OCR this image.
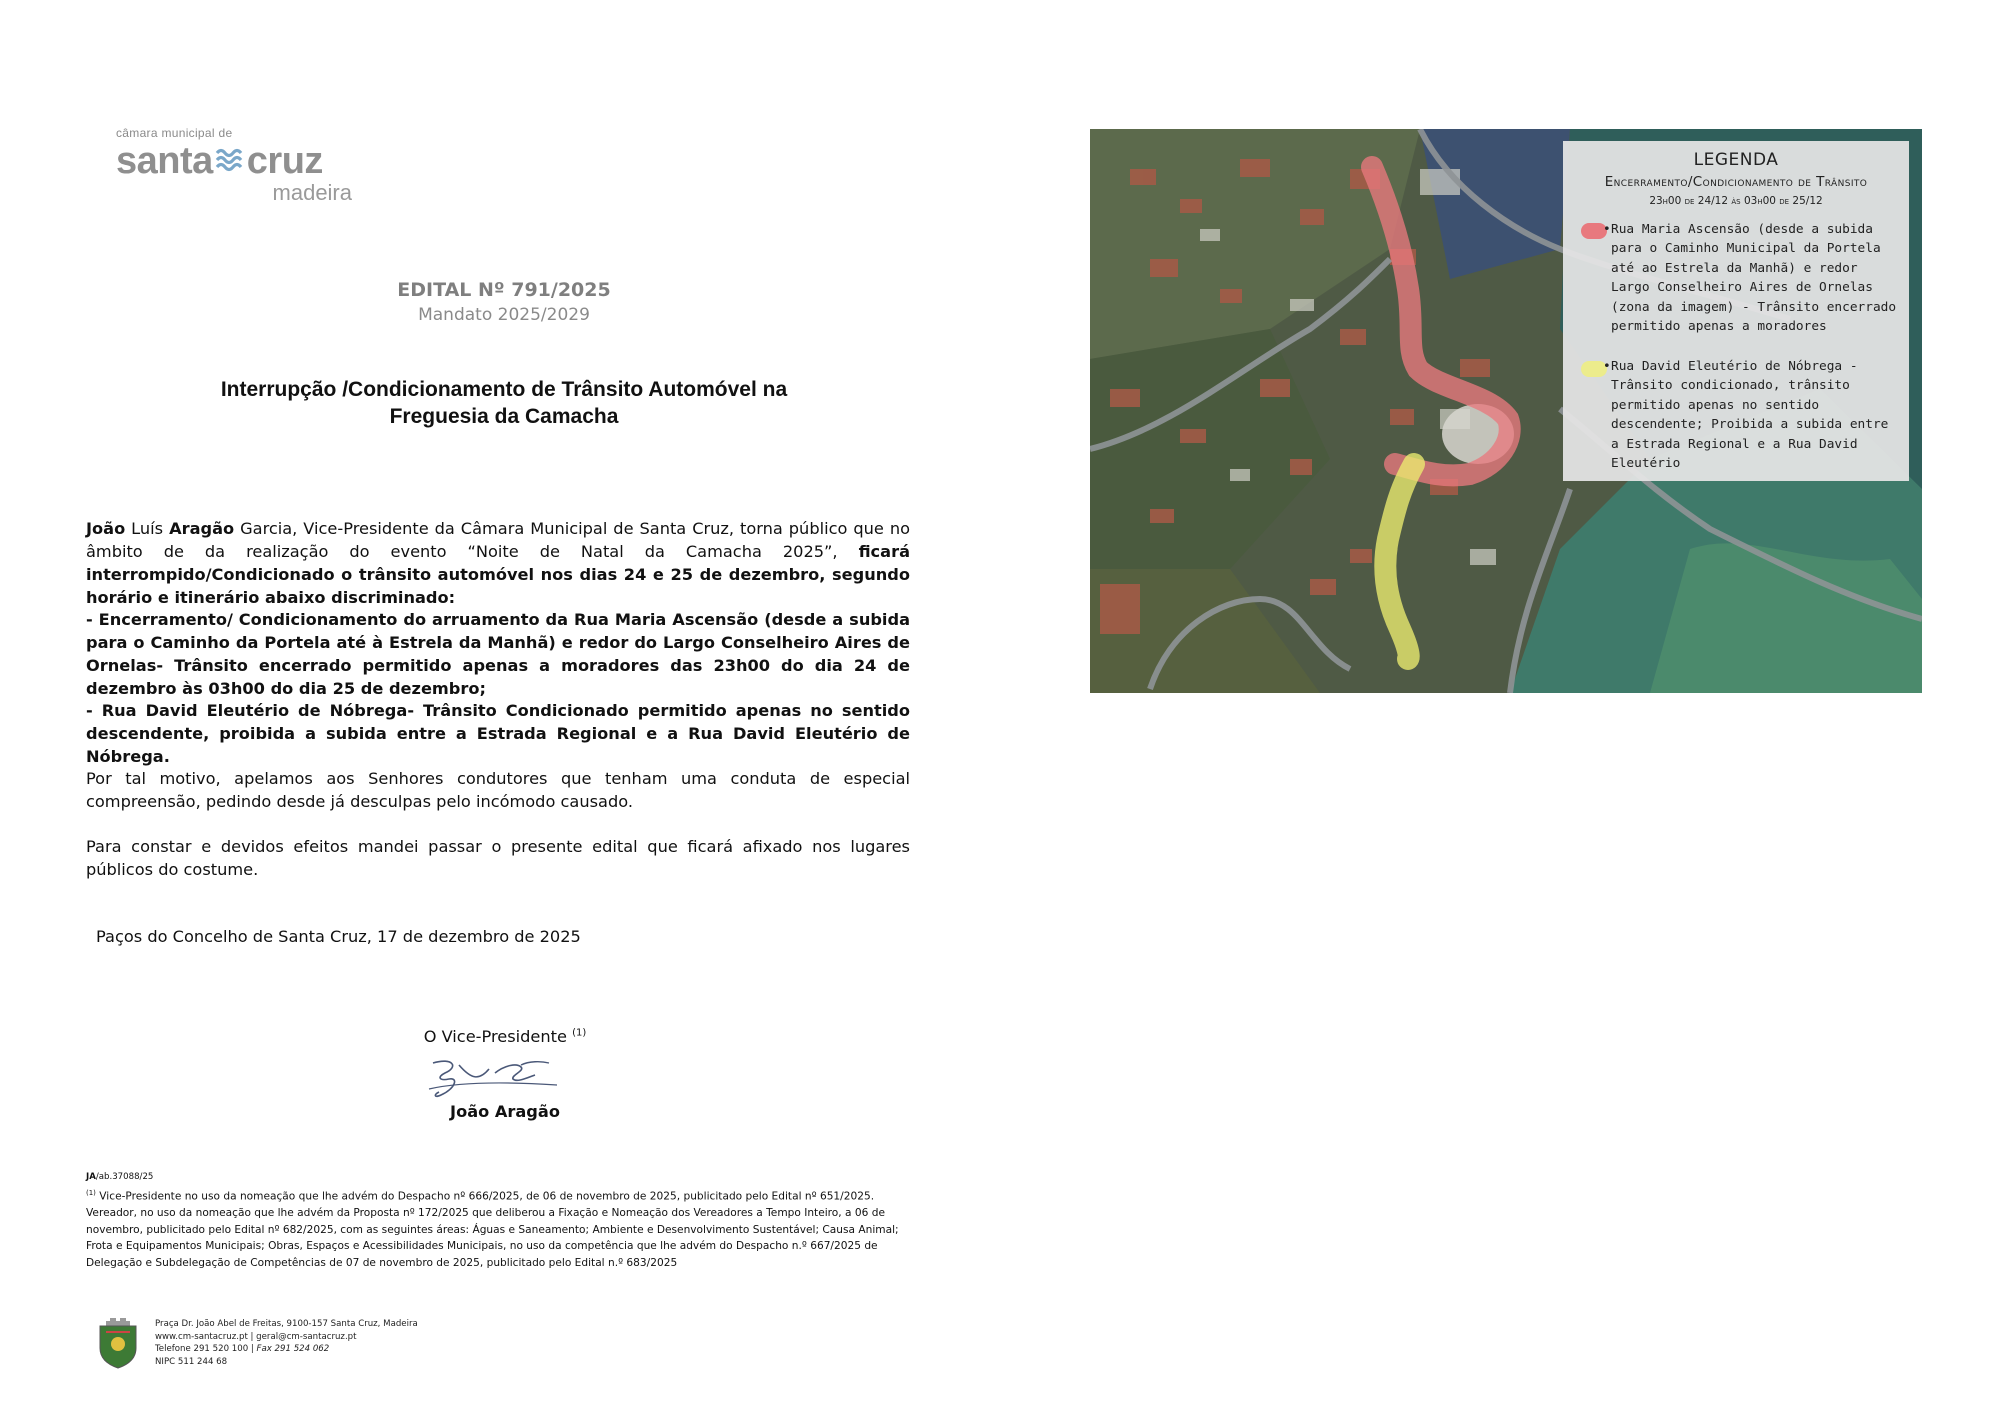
câmara municipal de
santa cruz
madeira
EDITAL Nº 791/2025
Mandato 2025/2029
Interrupção /Condicionamento de Trânsito Automóvel na
Freguesia da Camacha
João Luís Aragão Garcia, Vice-Presidente da Câmara Municipal de Santa Cruz, torna público que no âmbito de da realização do evento “Noite de Natal da Camacha 2025”, ficará interrompido/Condicionado o trânsito automóvel nos dias 24 e 25 de dezembro, segundo horário e itinerário abaixo discriminado:
- Encerramento/ Condicionamento do arruamento da Rua Maria Ascensão (desde a subida para o Caminho da Portela até à Estrela da Manhã) e redor do Largo Conselheiro Aires de Ornelas- Trânsito encerrado permitido apenas a moradores das 23h00 do dia 24 de dezembro às 03h00 do dia 25 de dezembro;
- Rua David Eleutério de Nóbrega- Trânsito Condicionado permitido apenas no sentido descendente, proibida a subida entre a Estrada Regional e a Rua David Eleutério de Nóbrega.
Por tal motivo, apelamos aos Senhores condutores que tenham uma conduta de especial compreensão, pedindo desde já desculpas pelo incómodo causado.
Para constar e devidos efeitos mandei passar o presente edital que ficará afixado nos lugares públicos do costume.
Paços do Concelho de Santa Cruz, 17 de dezembro de 2025
O Vice-Presidente $^{(1)}$
João Aragão
JA/ab.37088/25
$^{(1)}$ Vice-Presidente no uso da nomeação que lhe advém do Despacho nº 666/2025, de 06 de novembro de 2025, publicitado pelo Edital nº 651/2025. Vereador, no uso da nomeação que lhe advém da Proposta nº 172/2025 que deliberou a Fixação e Nomeação dos Vereadores a Tempo Inteiro, a 06 de novembro, publicitado pelo Edital nº 682/2025, com as seguintes áreas: Águas e Saneamento; Ambiente e Desenvolvimento Sustentável; Causa Animal; Frota e Equipamentos Municipais; Obras, Espaços e Acessibilidades Municipais, no uso da competência que lhe advém do Despacho n.º 667/2025 de Delegação e Subdelegação de Competências de 07 de novembro de 2025, publicitado pelo Edital n.º 683/2025
Praça Dr. João Abel de Freitas, 9100-157 Santa Cruz, Madeira
www.cm-santacruz.pt | geral@cm-santacruz.pt
Telefone 291 520 100 | Fax 291 524 062
NIPC 511 244 68
LEGENDA
Encerramento/Condicionamento de Trânsito
23h00 de 24/12 às 03h00 de 25/12
• Rua Maria Ascensão (desde a subida para o Caminho Municipal da Portela até ao Estrela da Manhã) e redor Largo Conselheiro Aires de Ornelas (zona da imagem) - Trânsito encerrado permitido apenas a moradores
• Rua David Eleutério de Nóbrega - Trânsito condicionado, trânsito permitido apenas no sentido descendente; Proibida a subida entre a Estrada Regional e a Rua David Eleutério
